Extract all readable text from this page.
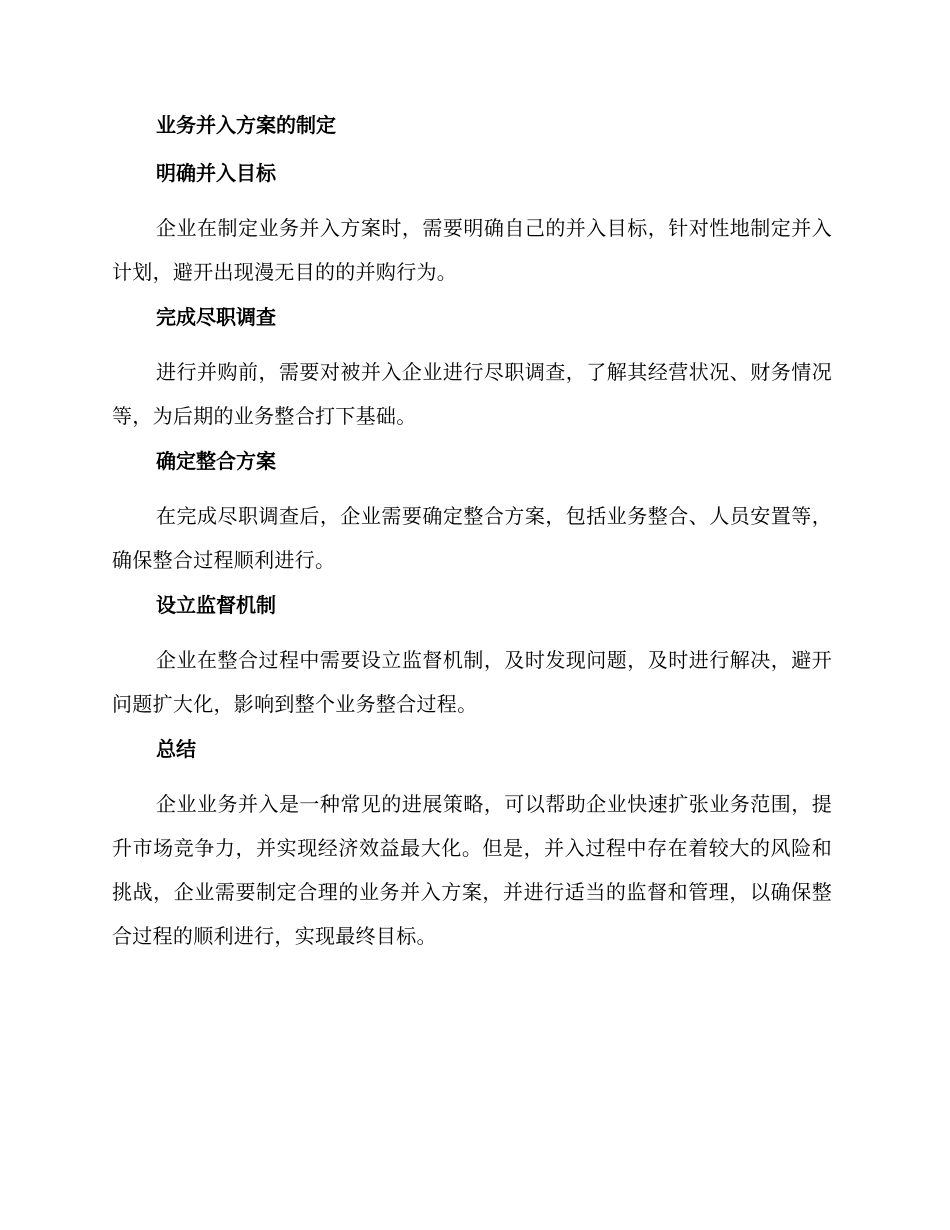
业务并入方案的制定
明确并入目标

企业在制定业务并入方案时，需要明确自己的并入目标，针对性地制定并入计划，避开出现漫无目的的并购行为。

完成尽职调查

进行并购前，需要对被并入企业进行尽职调查，了解其经营状况、财务情况等，为后期的业务整合打下基础。

确定整合方案

在完成尽职调查后，企业需要确定整合方案，包括业务整合、人员安置等，确保整合过程顺利进行。

设立监督机制

企业在整合过程中需要设立监督机制，及时发现问题，及时进行解决，避开问题扩大化，影响到整个业务整合过程。

总结

企业业务并入是一种常见的进展策略，可以帮助企业快速扩张业务范围，提升市场竞争力，并实现经济效益最大化。但是，并入过程中存在着较大的风险和挑战，企业需要制定合理的业务并入方案，并进行适当的监督和管理，以确保整合过程的顺利进行，实现最终目标。
